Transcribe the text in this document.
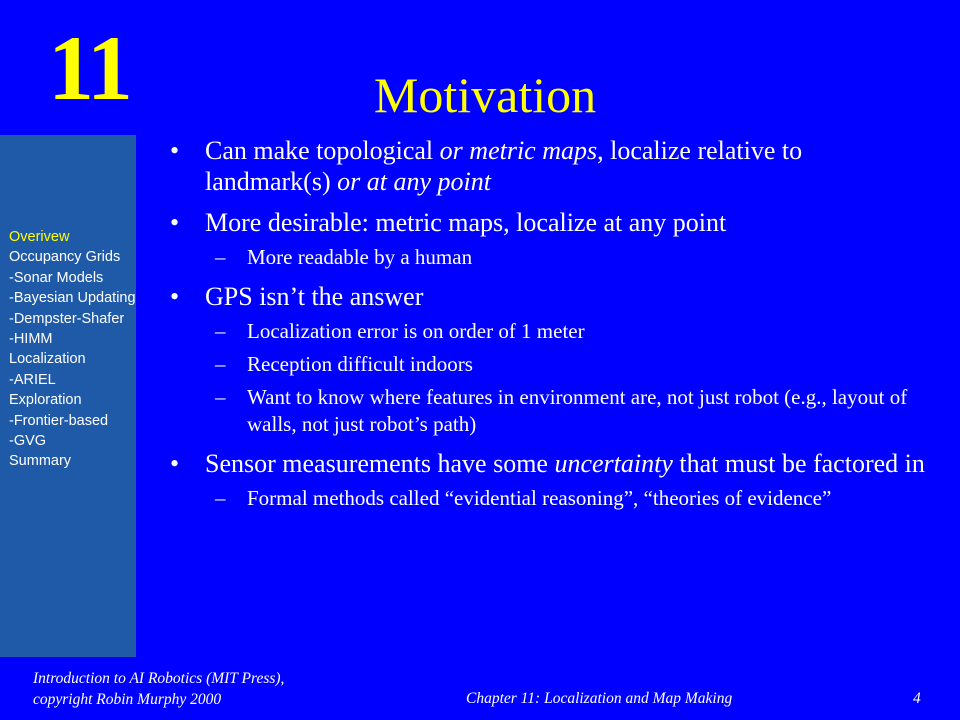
11	Motivation
Overivew
Occupancy Grids
-Sonar Models
-Bayesian Updating
-Dempster-Shafer
-HIMM
Localization
-ARIEL
Exploration
-Frontier-based
-GVG
Summary
• Can make topological or metric maps, localize relative to landmark(s) or at any point
• More desirable: metric maps, localize at any point
– More readable by a human
• GPS isn’t the answer
– Localization error is on order of 1 meter
– Reception difficult indoors
– Want to know where features in environment are, not just robot (e.g., layout of walls, not just robot’s path)
• Sensor measurements have some uncertainty that must be factored in
– Formal methods called “evidential reasoning”, “theories of evidence”
Introduction to AI Robotics (MIT Press),
copyright Robin Murphy 2000	Chapter 11: Localization and Map Making	4
